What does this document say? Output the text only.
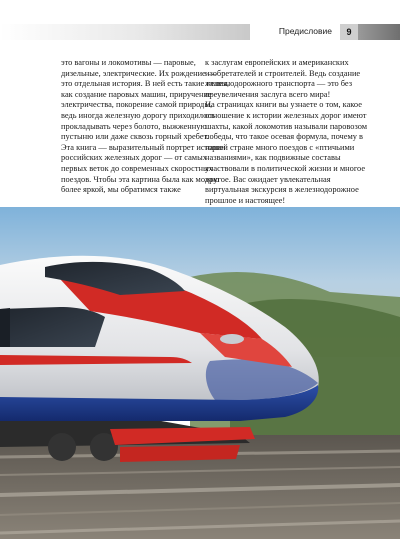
Предисловие	9

это вагоны и локомотивы — паровые, дизельные, электрические. Их рождение — это отдельная история. В ней есть такие главы, как создание паровых машин, приручение электричества, покорение самой природы, ведь иногда железную дорогу приходилось прокладывать через болото, выжженную пустыню или даже сквозь горный хребет.

Эта книга — выразительный портрет истории российских железных дорог — от самых первых веток до современных скоростных поездов. Чтобы эта картина была как можно более яркой, мы обратимся также

к заслугам европейских и американских изобретателей и строителей. Ведь создание железнодорожного транспорта — это без преувеличения заслуга всего мира!

На страницах книги вы узнаете о том, какое отношение к истории железных дорог имеют шахты, какой локомотив называли паровозом победы, что такое осевая формула, почему в нашей стране много поездов с «птичьими названиями», как подвижные составы участвовали в политической жизни и многое другое. Вас ожидает увлекательная виртуальная экскурсия в железнодорожное прошлое и настоящее!
